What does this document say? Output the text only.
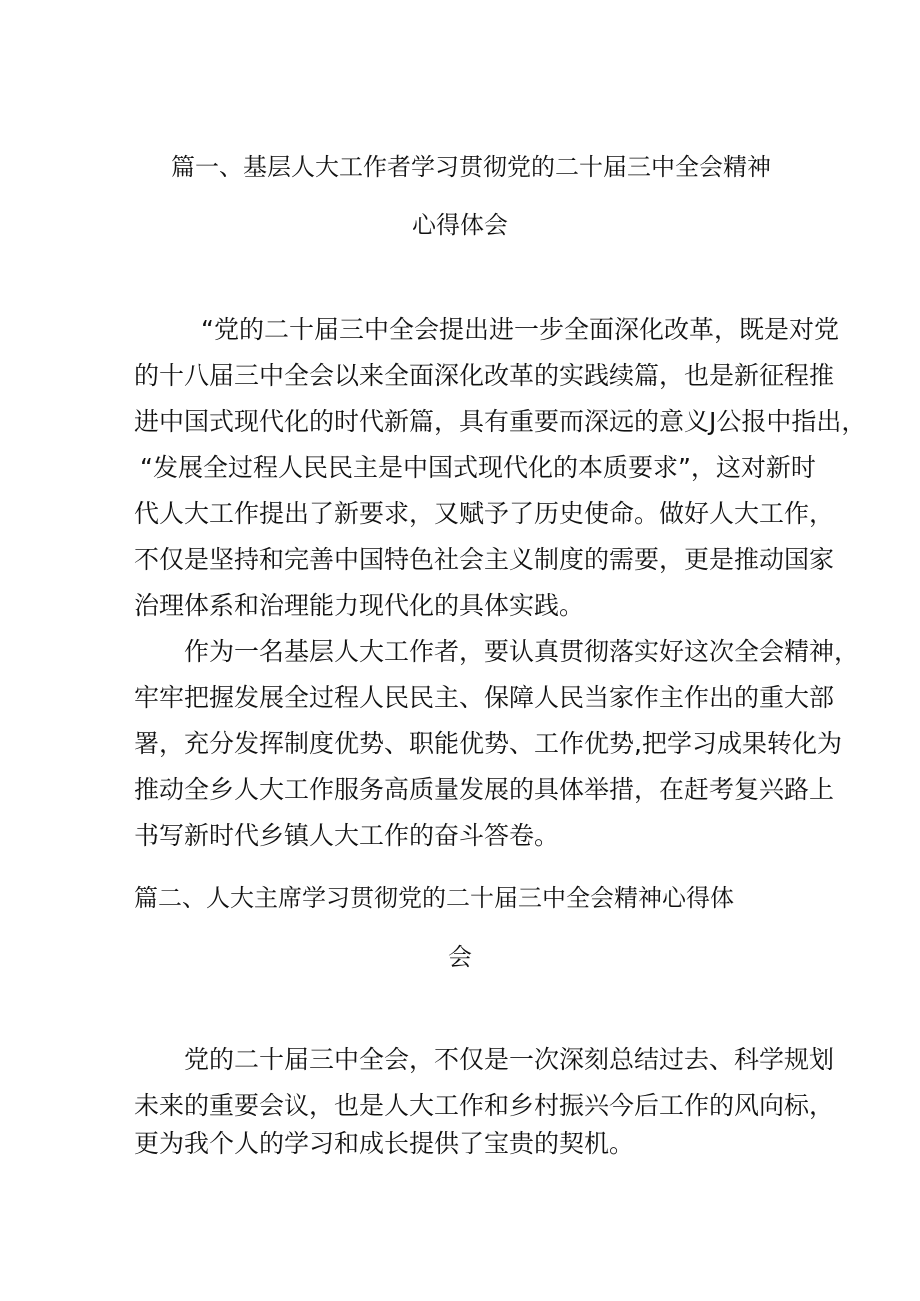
篇一、基层人大工作者学习贯彻党的二十届三中全会精神
心得体会
“党的二十届三中全会提出进一步全面深化改革，既是对党
的十八届三中全会以来全面深化改革的实践续篇，也是新征程推
进中国式现代化的时代新篇，具有重要而深远的意义J公报中指出，
“发展全过程人民民主是中国式现代化的本质要求”，这对新时
代人大工作提出了新要求，又赋予了历史使命。做好人大工作，
不仅是坚持和完善中国特色社会主义制度的需要，更是推动国家
治理体系和治理能力现代化的具体实践。
作为一名基层人大工作者，要认真贯彻落实好这次全会精神，
牢牢把握发展全过程人民民主、保障人民当家作主作出的重大部
署，充分发挥制度优势、职能优势、工作优势,把学习成果转化为
推动全乡人大工作服务高质量发展的具体举措，在赶考复兴路上
书写新时代乡镇人大工作的奋斗答卷。
篇二、人大主席学习贯彻党的二十届三中全会精神心得体
会
党的二十届三中全会，不仅是一次深刻总结过去、科学规划
未来的重要会议，也是人大工作和乡村振兴今后工作的风向标，
更为我个人的学习和成长提供了宝贵的契机。
